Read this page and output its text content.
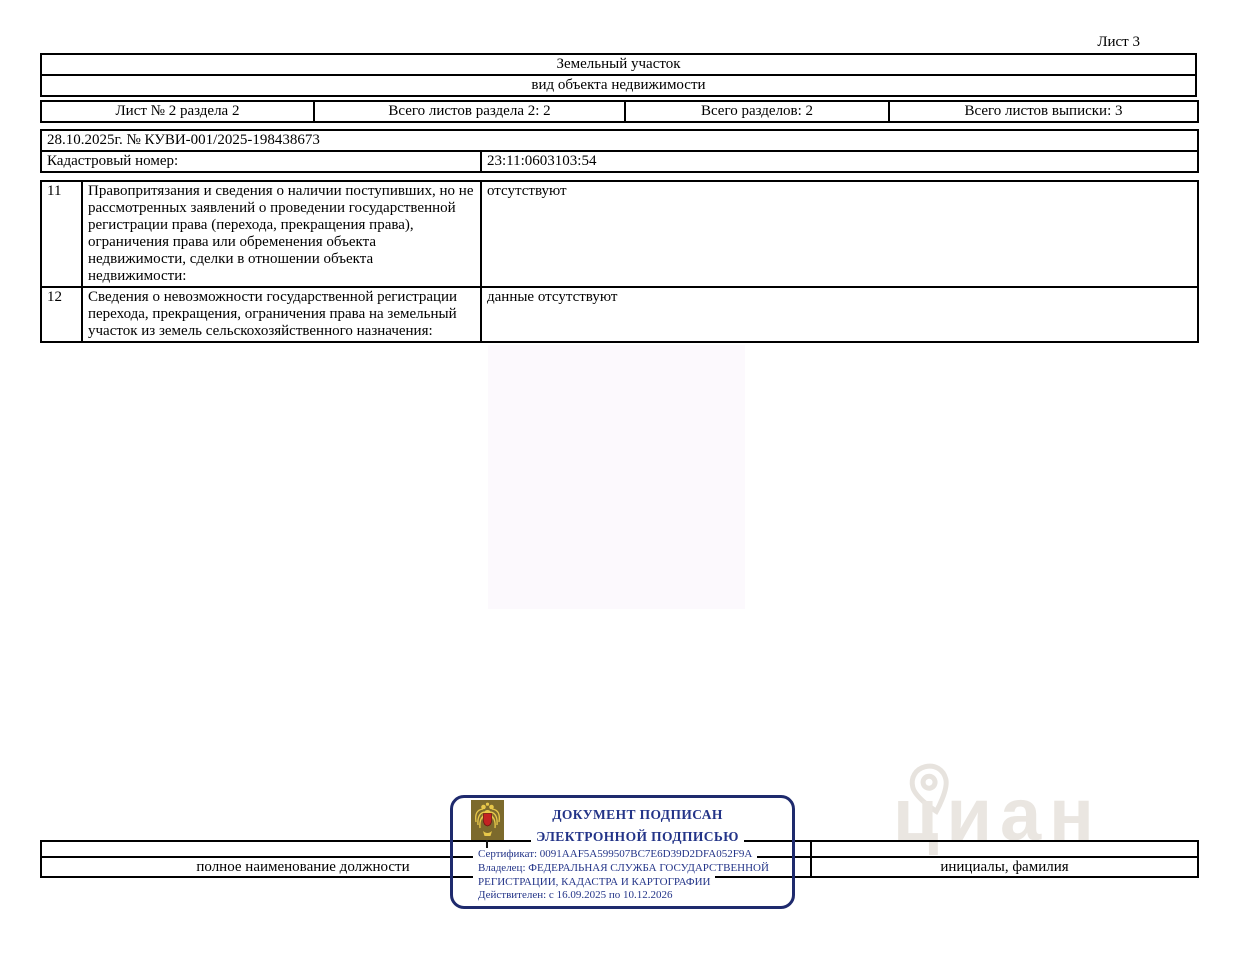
циан
Лист 3
Земельный участок
вид объекта недвижимости
Лист № 2 раздела 2	Всего листов раздела 2: 2	Всего разделов: 2	Всего листов выписки: 3
28.10.2025г. № КУВИ-001/2025-198438673
Кадастровый номер:	23:11:0603103:54
11	Правопритязания и сведения о наличии поступивших, но не рассмотренных заявлений о проведении государственной регистрации права (перехода, прекращения права), ограничения права или обременения объекта недвижимости, сделки в отношении объекта недвижимости:	отсутствуют
12	Сведения о невозможности государственной регистрации перехода, прекращения, ограничения права на земельный участок из земель сельскохозяйственного назначения:	данные отсутствуют

полное наименование должности		инициалы, фамилия
ДОКУМЕНТ ПОДПИСАН
ЭЛЕКТРОННОЙ ПОДПИСЬЮ
Сертификат: 0091AAF5A599507BC7E6D39D2DFA052F9A
Владелец: ФЕДЕРАЛЬНАЯ СЛУЖБА ГОСУДАРСТВЕННОЙ
РЕГИСТРАЦИИ, КАДАСТРА И КАРТОГРАФИИ
Действителен: с 16.09.2025 по 10.12.2026
